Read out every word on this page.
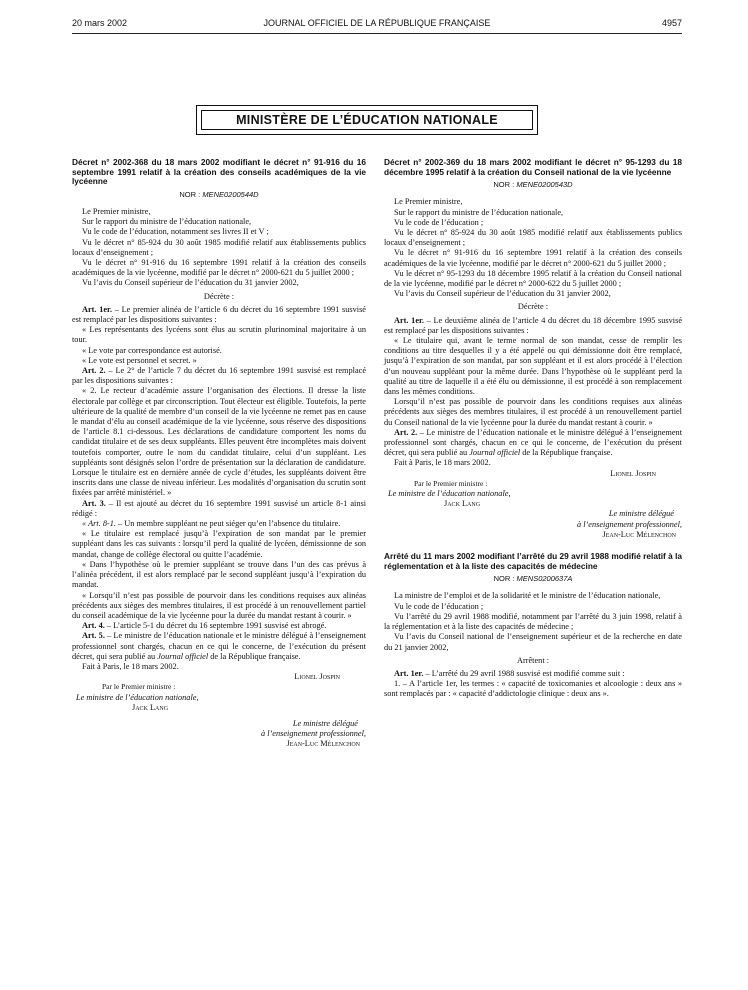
20 mars 2002	JOURNAL OFFICIEL DE LA RÉPUBLIQUE FRANÇAISE	4957
MINISTÈRE DE L’ÉDUCATION NATIONALE
Décret n° 2002-368 du 18 mars 2002 modifiant le décret n° 91-916 du 16 septembre 1991 relatif à la création des conseils académiques de la vie lycéenne
NOR : MENE0200544D

Le Premier ministre,

Sur le rapport du ministre de l’éducation nationale,

Vu le code de l’éducation, notamment ses livres II et V ;

Vu le décret n° 85-924 du 30 août 1985 modifié relatif aux établissements publics locaux d’enseignement ;

Vu le décret n° 91-916 du 16 septembre 1991 relatif à la création des conseils académiques de la vie lycéenne, modifié par le décret n° 2000-621 du 5 juillet 2000 ;

Vu l’avis du Conseil supérieur de l’éducation du 31 janvier 2002,

Décrète :

Art. 1er. – Le premier alinéa de l’article 6 du décret du 16 septembre 1991 susvisé est remplacé par les dispositions suivantes :

« Les représentants des lycéens sont élus au scrutin plurinominal majoritaire à un tour.

« Le vote par correspondance est autorisé.

« Le vote est personnel et secret. »

Art. 2. – Le 2° de l’article 7 du décret du 16 septembre 1991 susvisé est remplacé par les dispositions suivantes :

« 2. Le recteur d’académie assure l’organisation des élections. Il dresse la liste électorale par collège et par circonscription. Tout électeur est éligible. Toutefois, la perte ultérieure de la qualité de membre d’un conseil de la vie lycéenne ne remet pas en cause le mandat d’élu au conseil académique de la vie lycéenne, sous réserve des dispositions de l’article 8.1 ci-dessous. Les déclarations de candidature comportent les noms du candidat titulaire et de ses deux suppléants. Elles peuvent être incomplètes mais doivent toutefois comporter, outre le nom du candidat titulaire, celui d’un suppléant. Les suppléants sont désignés selon l’ordre de présentation sur la déclaration de candidature. Lorsque le titulaire est en dernière année de cycle d’études, les suppléants doivent être inscrits dans une classe de niveau inférieur. Les modalités d’organisation du scrutin sont fixées par arrêté ministériel. »

Art. 3. – Il est ajouté au décret du 16 septembre 1991 susvisé un article 8-1 ainsi rédigé :

« Art. 8-1. – Un membre suppléant ne peut siéger qu’en l’absence du titulaire.

« Le titulaire est remplacé jusqu’à l’expiration de son mandat par le premier suppléant dans les cas suivants : lorsqu’il perd la qualité de lycéen, démissionne de son mandat, change de collège électoral ou quitte l’académie.

« Dans l’hypothèse où le premier suppléant se trouve dans l’un des cas prévus à l’alinéa précédent, il est alors remplacé par le second suppléant jusqu’à l’expiration du mandat.

« Lorsqu’il n’est pas possible de pourvoir dans les conditions requises aux alinéas précédents aux sièges des membres titulaires, il est procédé à un renouvellement partiel du conseil académique de la vie lycéenne pour la durée du mandat restant à courir. »

Art. 4. – L’article 5-1 du décret du 16 septembre 1991 susvisé est abrogé.

Art. 5. – Le ministre de l’éducation nationale et le ministre délégué à l’enseignement professionnel sont chargés, chacun en ce qui le concerne, de l’exécution du présent décret, qui sera publié au Journal officiel de la République française.

Fait à Paris, le 18 mars 2002.

Lionel Jospin

Par le Premier ministre :

Le ministre de l’éducation nationale,

Jack Lang

Le ministre délégué

à l’enseignement professionnel,

Jean-Luc Mélenchon

Décret n° 2002-369 du 18 mars 2002 modifiant le décret n° 95-1293 du 18 décembre 1995 relatif à la création du Conseil national de la vie lycéenne
NOR : MENE0200543D

Le Premier ministre,

Sur le rapport du ministre de l’éducation nationale,

Vu le code de l’éducation ;

Vu le décret n° 85-924 du 30 août 1985 modifié relatif aux établissements publics locaux d’enseignement ;

Vu le décret n° 91-916 du 16 septembre 1991 relatif à la création des conseils académiques de la vie lycéenne, modifié par le décret n° 2000-621 du 5 juillet 2000 ;

Vu le décret n° 95-1293 du 18 décembre 1995 relatif à la création du Conseil national de la vie lycéenne, modifié par le décret n° 2000-622 du 5 juillet 2000 ;

Vu l’avis du Conseil supérieur de l’éducation du 31 janvier 2002,

Décrète :

Art. 1er. – Le deuxième alinéa de l’article 4 du décret du 18 décembre 1995 susvisé est remplacé par les dispositions suivantes :

« Le titulaire qui, avant le terme normal de son mandat, cesse de remplir les conditions au titre desquelles il y a été appelé ou qui démissionne doit être remplacé, jusqu’à l’expiration de son mandat, par son suppléant et il est alors procédé à l’élection d’un nouveau suppléant pour la même durée. Dans l’hypothèse où le suppléant perd la qualité au titre de laquelle il a été élu ou démissionne, il est procédé à son remplacement dans les mêmes conditions.

Lorsqu’il n’est pas possible de pourvoir dans les conditions requises aux alinéas précédents aux sièges des membres titulaires, il est procédé à un renouvellement partiel du Conseil national de la vie lycéenne pour la durée du mandat restant à courir. »

Art. 2. – Le ministre de l’éducation nationale et le ministre délégué à l’enseignement professionnel sont chargés, chacun en ce qui le concerne, de l’exécution du présent décret, qui sera publié au Journal officiel de la République française.

Fait à Paris, le 18 mars 2002.

Lionel Jospin

Par le Premier ministre :

Le ministre de l’éducation nationale,

Jack Lang

Le ministre délégué

à l’enseignement professionnel,

Jean-Luc Mélenchon

Arrêté du 11 mars 2002 modifiant l’arrêté du 29 avril 1988 modifié relatif à la réglementation et à la liste des capacités de médecine
NOR : MENS0200637A

La ministre de l’emploi et de la solidarité et le ministre de l’éducation nationale,

Vu le code de l’éducation ;

Vu l’arrêté du 29 avril 1988 modifié, notamment par l’arrêté du 3 juin 1998, relatif à la réglementation et à la liste des capacités de médecine ;

Vu l’avis du Conseil national de l’enseignement supérieur et de la recherche en date du 21 janvier 2002,

Arrêtent :

Art. 1er. – L’arrêté du 29 avril 1988 susvisé est modifié comme suit :

1. – A l’article 1er, les termes : « capacité de toxicomanies et alcoologie : deux ans » sont remplacés par : « capacité d’addictologie clinique : deux ans ».
